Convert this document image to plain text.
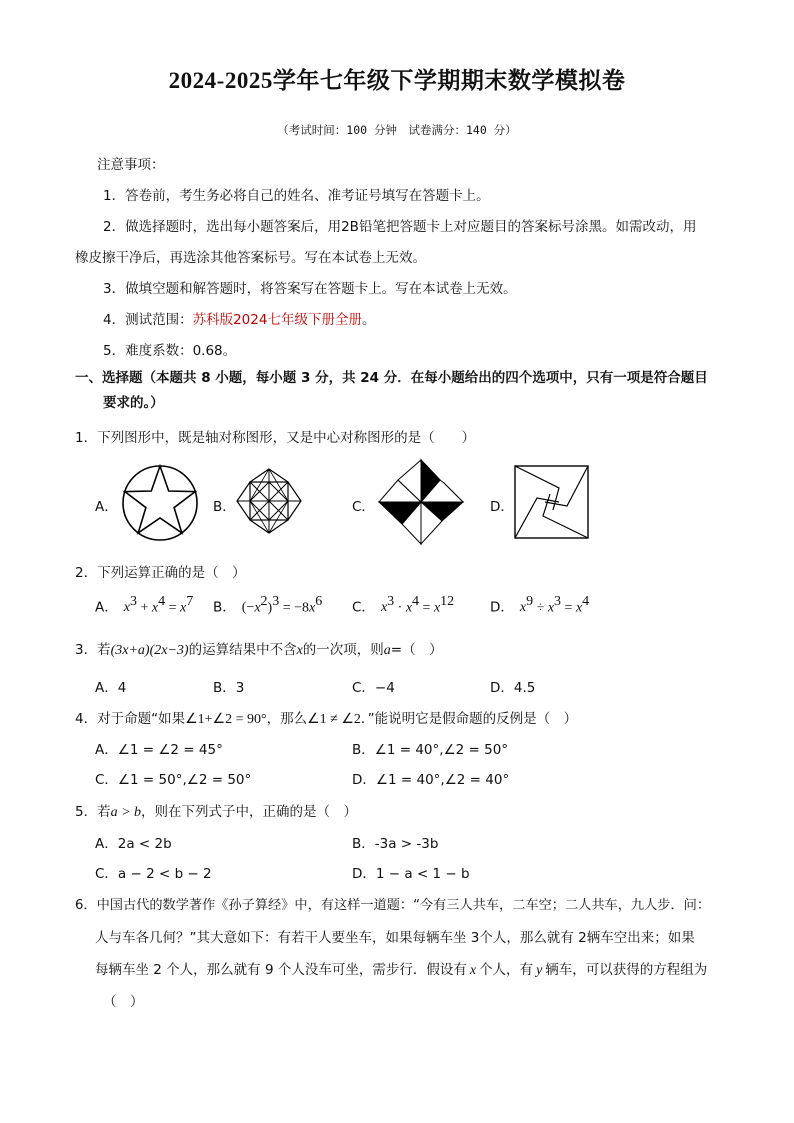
2024-2025学年七年级下学期期末数学模拟卷
（考试时间：100 分钟　试卷满分：140 分）
注意事项：
1．答卷前，考生务必将自己的姓名、准考证号填写在答题卡上。
2．做选择题时，选出每小题答案后，用2B铅笔把答题卡上对应题目的答案标号涂黑。如需改动，用
橡皮擦干净后，再选涂其他答案标号。写在本试卷上无效。
3．做填空题和解答题时，将答案写在答题卡上。写在本试卷上无效。
4．测试范围：苏科版2024七年级下册全册。
5．难度系数：0.68。
一、选择题（本题共 8 小题，每小题 3 分，共 24 分．在每小题给出的四个选项中，只有一项是符合题目
要求的。）
1．下列图形中，既是轴对称图形，又是中心对称图形的是（　　）
A．	B．	C．	D．
2．下列运算正确的是（　）
A． $x^3 + x^4 = x^7$ B． $(-x^2)^3 = -8x^6$ C． $x^3 \cdot x^4 = x^{12}$	D． $x^9 \div x^3 = x^4$
3．若(3x+a)(2x−3)的运算结果中不含x的一次项，则a=（　）
A．4	B．3	C．−4	D．4.5
4．对于命题“如果∠1+∠2 = 90°，那么∠1 ≠ ∠2．”能说明它是假命题的反例是（　）
A．∠1 = ∠2 = 45°	B．∠1 = 40°,∠2 = 50°
C．∠1 = 50°,∠2 = 50°	D．∠1 = 40°,∠2 = 40°
5．若a > b，则在下列式子中，正确的是（　）
A．2a < 2b	B．-3a > -3b
C．a − 2 < b − 2	D．1 − a < 1 − b
6．中国古代的数学著作《孙子算经》中，有这样一道题：“今有三人共车，二车空；二人共车，九人步．问：
人与车各几何？”其大意如下：有若干人要坐车，如果每辆车坐 3个人，那么就有 2辆车空出来；如果
每辆车坐 2 个人，那么就有 9 个人没车可坐，需步行．假设有 x 个人，有 y 辆车，可以获得的方程组为
（　）
